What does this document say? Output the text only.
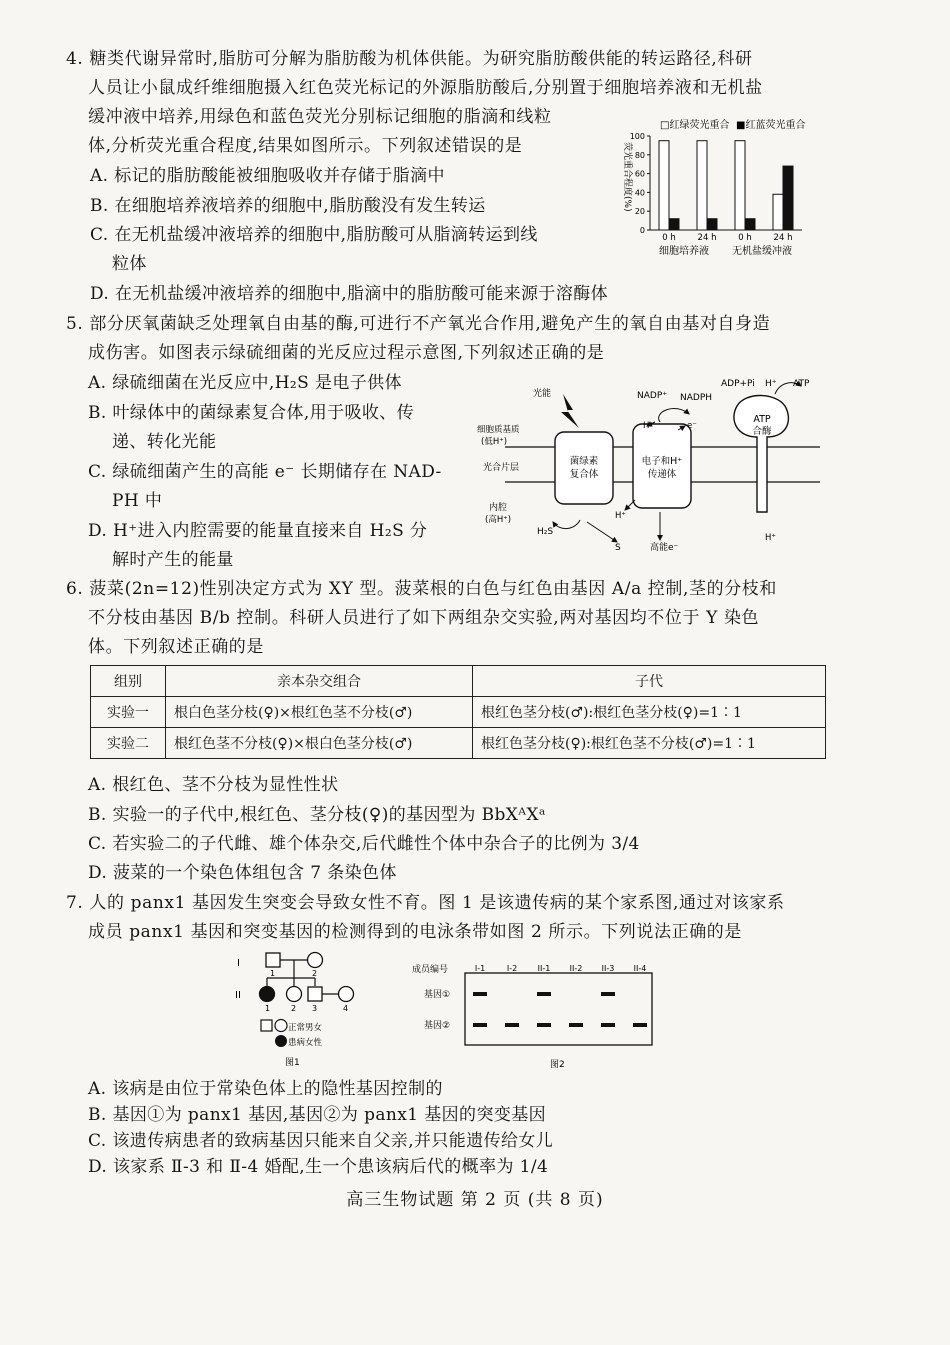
4. 糖类代谢异常时,脂肪可分解为脂肪酸为机体供能。为研究脂肪酸供能的转运路径,科研
人员让小鼠成纤维细胞摄入红色荧光标记的外源脂肪酸后,分别置于细胞培养液和无机盐
缓冲液中培养,用绿色和蓝色荧光分别标记细胞的脂滴和线粒
体,分析荧光重合程度,结果如图所示。下列叙述错误的是
A. 标记的脂肪酸能被细胞吸收并存储于脂滴中
B. 在细胞培养液培养的细胞中,脂肪酸没有发生转运
C. 在无机盐缓冲液培养的细胞中,脂肪酸可从脂滴转运到线
粒体
D. 在无机盐缓冲液培养的细胞中,脂滴中的脂肪酸可能来源于溶酶体
□红绿荧光重合 ■红蓝荧光重合
荧光重合程度(%)
0
20
40
60
80
100
0 h	24 h	0 h	24 h
细胞培养液 无机盐缓冲液
5. 部分厌氧菌缺乏处理氧自由基的酶,可进行不产氧光合作用,避免产生的氧自由基对自身造
成伤害。如图表示绿硫细菌的光反应过程示意图,下列叙述正确的是
A. 绿硫细菌在光反应中,H₂S 是电子供体
B. 叶绿体中的菌绿素复合体,用于吸收、传
递、转化光能
C. 绿硫细菌产生的高能 e⁻ 长期储存在 NAD-
PH 中
D. H⁺进入内腔需要的能量直接来自 H₂S 分
解时产生的能量
光能
细胞质基质
(低H⁺)
光合片层
内腔
(高H⁺)
菌绿素
复合体
电子和H⁺
传递体
ATP
合酶
NADP⁺ NADPH
ADP+Pi H⁺ ATP
H⁺	e⁻
H⁺
H⁺
H₂S
S	高能e⁻
6. 菠菜(2n=12)性别决定方式为 XY 型。菠菜根的白色与红色由基因 A/a 控制,茎的分枝和
不分枝由基因 B/b 控制。科研人员进行了如下两组杂交实验,两对基因均不位于 Y 染色
体。下列叙述正确的是
组别	亲本杂交组合	子代
实验一	根白色茎分枝(♀)×根红色茎不分枝(♂)	根红色茎分枝(♂):根红色茎分枝(♀)=1∶1
实验二	根红色茎不分枝(♀)×根白色茎分枝(♂)	根红色茎分枝(♀):根红色茎不分枝(♂)=1∶1
A. 根红色、茎不分枝为显性性状
B. 实验一的子代中,根红色、茎分枝(♀)的基因型为 BbXᴬXᵃ
C. 若实验二的子代雌、雄个体杂交,后代雌性个体中杂合子的比例为 3/4
D. 菠菜的一个染色体组包含 7 条染色体
7. 人的 panx1 基因发生突变会导致女性不育。图 1 是该遗传病的某个家系图,通过对该家系
成员 panx1 基因和突变基因的检测得到的电泳条带如图 2 所示。下列说法正确的是
I
II
1	2
1	2 3	4
正常男女
患病女性
图1
成员编号
基因①
基因②
I-1	I-2	II-1 II-2 II-3 II-4
图2
A. 该病是由位于常染色体上的隐性基因控制的
B. 基因①为 panx1 基因,基因②为 panx1 基因的突变基因
C. 该遗传病患者的致病基因只能来自父亲,并只能遗传给女儿
D. 该家系 Ⅱ-3 和 Ⅱ-4 婚配,生一个患该病后代的概率为 1/4
高三生物试题 第 2 页 (共 8 页)
